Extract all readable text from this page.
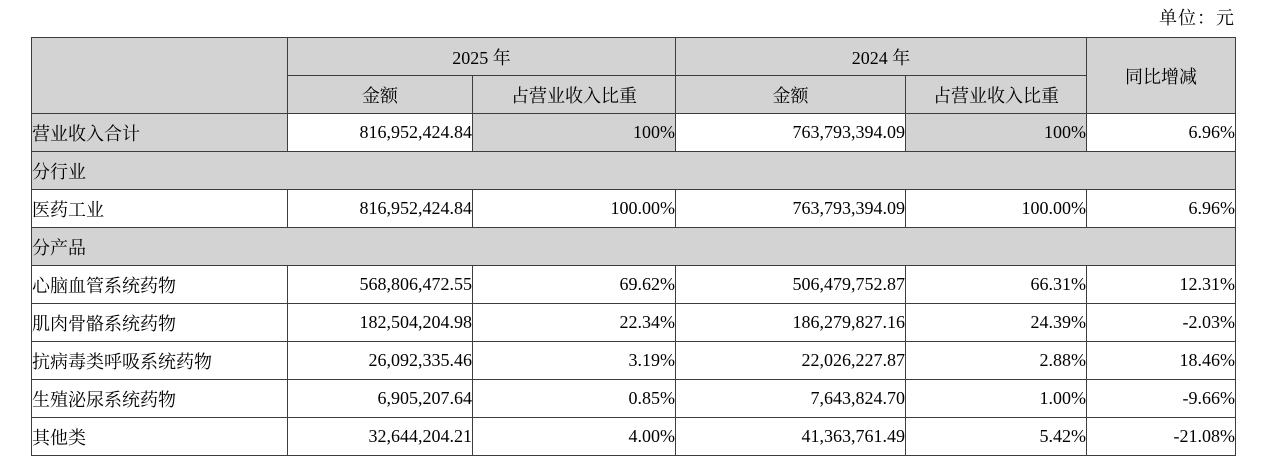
单位：元
	2025 年		2024 年		同比增减
	金额	占营业收入比重	金额	占营业收入比重	
营业收入合计	816,952,424.84	100%	763,793,394.09	100%	6.96%
分行业					
医药工业	816,952,424.84	100.00%	763,793,394.09	100.00%	6.96%
分产品					
心脑血管系统药物	568,806,472.55	69.62%	506,479,752.87	66.31%	12.31%
肌肉骨骼系统药物	182,504,204.98	22.34%	186,279,827.16	24.39%	-2.03%
抗病毒类呼吸系统药物	26,092,335.46	3.19%	22,026,227.87	2.88%	18.46%
生殖泌尿系统药物	6,905,207.64	0.85%	7,643,824.70	1.00%	-9.66%
其他类	32,644,204.21	4.00%	41,363,761.49	5.42%	-21.08%
